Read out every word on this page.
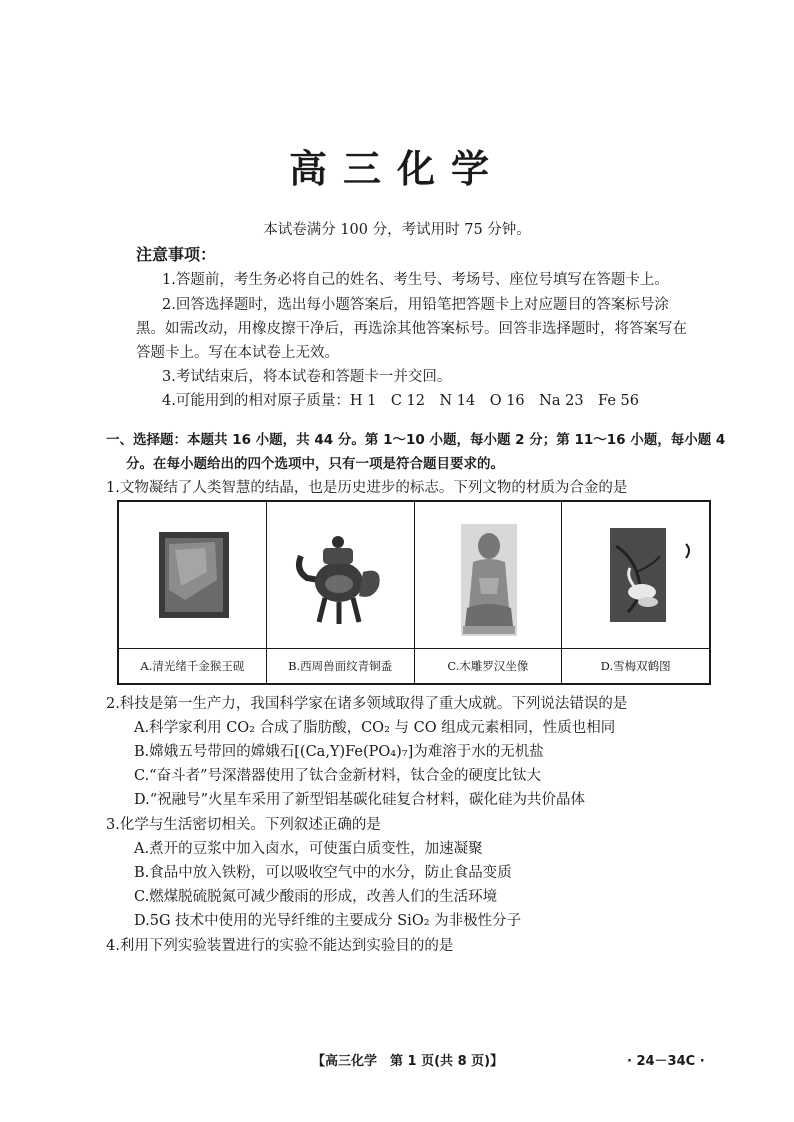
高三化学
本试卷满分 100 分，考试用时 75 分钟。
注意事项：
1.答题前，考生务必将自己的姓名、考生号、考场号、座位号填写在答题卡上。
2.回答选择题时，选出每小题答案后，用铅笔把答题卡上对应题目的答案标号涂
黑。如需改动，用橡皮擦干净后，再选涂其他答案标号。回答非选择题时，将答案写在
答题卡上。写在本试卷上无效。
3.考试结束后，将本试卷和答题卡一并交回。
4.可能用到的相对原子质量：H 1　C 12　N 14　O 16　Na 23　Fe 56
一、选择题：本题共 16 小题，共 44 分。第 1～10 小题，每小题 2 分；第 11～16 小题，每小题 4
分。在每小题给出的四个选项中，只有一项是符合题目要求的。
1.文物凝结了人类智慧的结晶，也是历史进步的标志。下列文物的材质为合金的是
A.清光绪千金猴王砚	B.西周兽面纹青铜盉	C.木雕罗汉坐像	D.雪梅双鹤图
2.科技是第一生产力，我国科学家在诸多领域取得了重大成就。下列说法错误的是
A.科学家利用 CO₂ 合成了脂肪酸，CO₂ 与 CO 组成元素相同，性质也相同
B.嫦娥五号带回的嫦娥石[(Ca,Y)Fe(PO₄)₇]为难溶于水的无机盐
C.“奋斗者”号深潜器使用了钛合金新材料，钛合金的硬度比钛大
D.“祝融号”火星车采用了新型铝基碳化硅复合材料，碳化硅为共价晶体
3.化学与生活密切相关。下列叙述正确的是
A.煮开的豆浆中加入卤水，可使蛋白质变性，加速凝聚
B.食品中放入铁粉，可以吸收空气中的水分，防止食品变质
C.燃煤脱硫脱氮可减少酸雨的形成，改善人们的生活环境
D.5G 技术中使用的光导纤维的主要成分 SiO₂ 为非极性分子
4.利用下列实验装置进行的实验不能达到实验目的的是
【高三化学　第 1 页(共 8 页)】	· 24－34C ·
